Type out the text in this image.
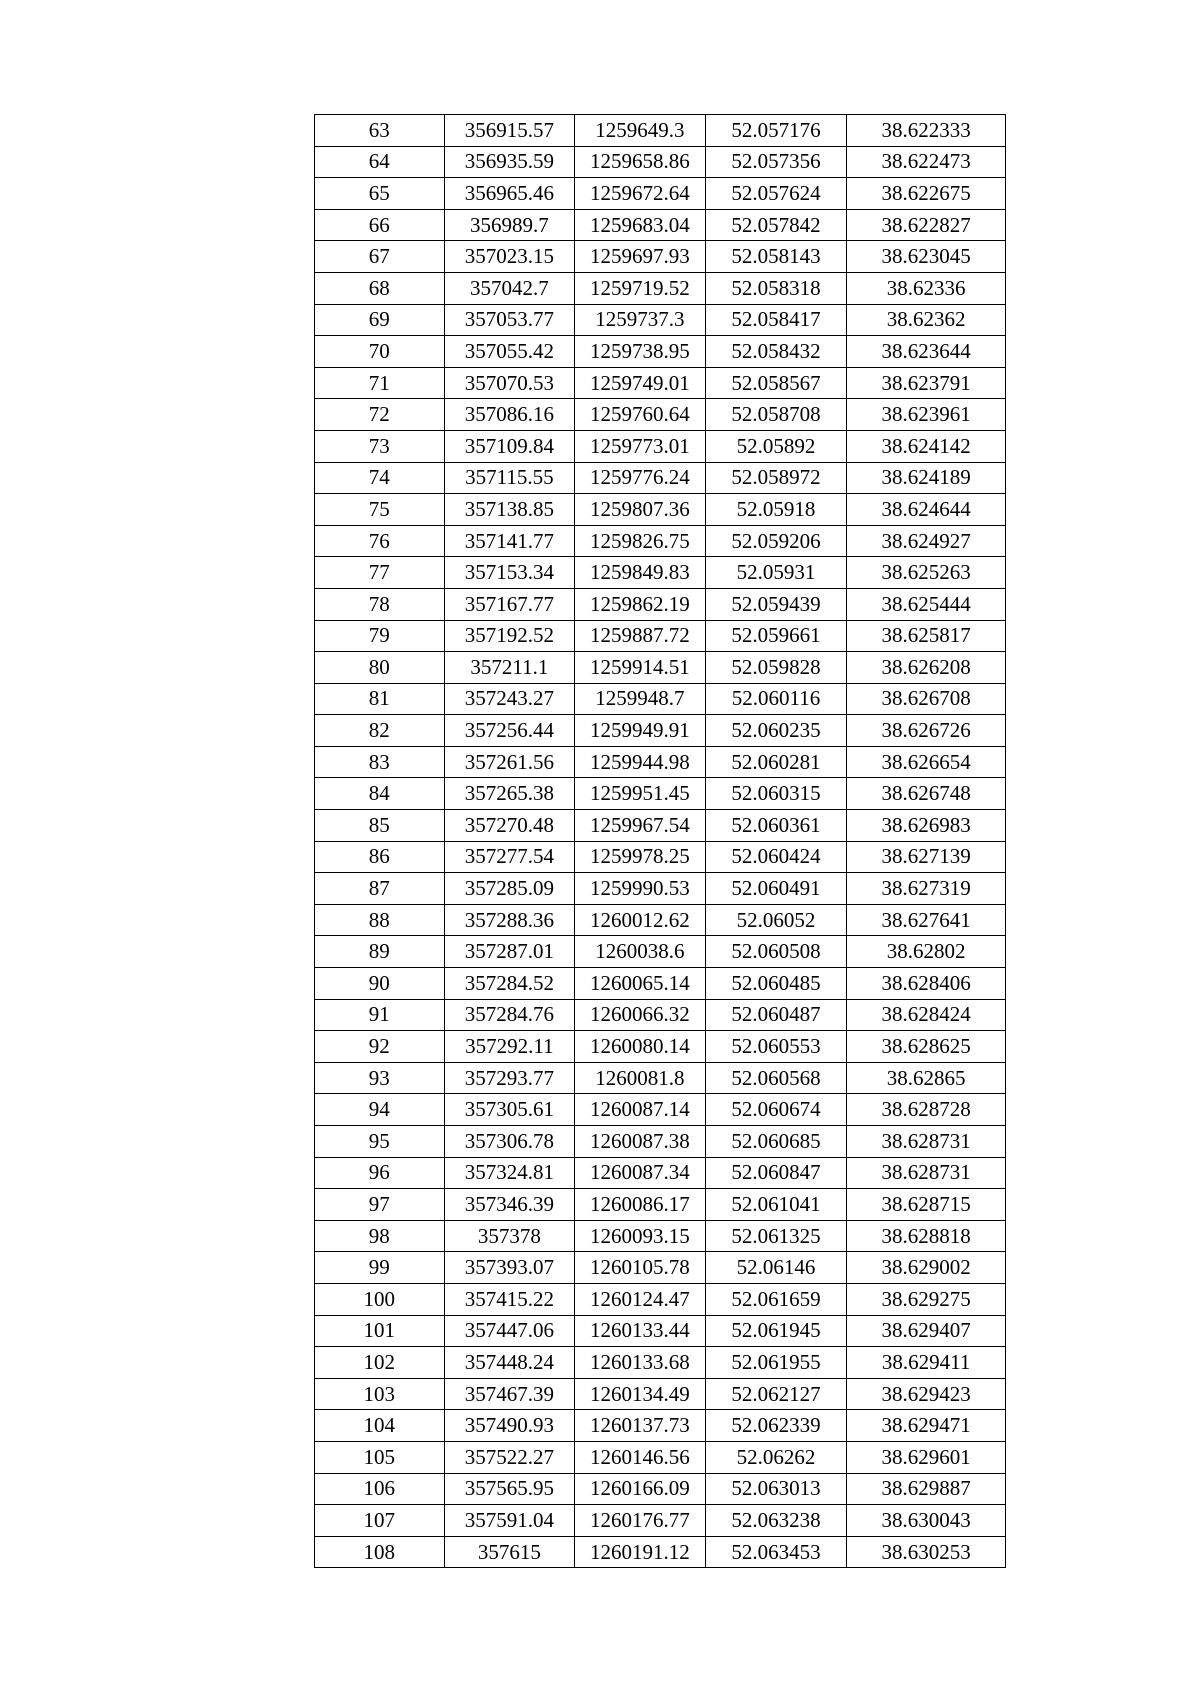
63	356915.57	1259649.3	52.057176	38.622333
64	356935.59	1259658.86	52.057356	38.622473
65	356965.46	1259672.64	52.057624	38.622675
66	356989.7	1259683.04	52.057842	38.622827
67	357023.15	1259697.93	52.058143	38.623045
68	357042.7	1259719.52	52.058318	38.62336
69	357053.77	1259737.3	52.058417	38.62362
70	357055.42	1259738.95	52.058432	38.623644
71	357070.53	1259749.01	52.058567	38.623791
72	357086.16	1259760.64	52.058708	38.623961
73	357109.84	1259773.01	52.05892	38.624142
74	357115.55	1259776.24	52.058972	38.624189
75	357138.85	1259807.36	52.05918	38.624644
76	357141.77	1259826.75	52.059206	38.624927
77	357153.34	1259849.83	52.05931	38.625263
78	357167.77	1259862.19	52.059439	38.625444
79	357192.52	1259887.72	52.059661	38.625817
80	357211.1	1259914.51	52.059828	38.626208
81	357243.27	1259948.7	52.060116	38.626708
82	357256.44	1259949.91	52.060235	38.626726
83	357261.56	1259944.98	52.060281	38.626654
84	357265.38	1259951.45	52.060315	38.626748
85	357270.48	1259967.54	52.060361	38.626983
86	357277.54	1259978.25	52.060424	38.627139
87	357285.09	1259990.53	52.060491	38.627319
88	357288.36	1260012.62	52.06052	38.627641
89	357287.01	1260038.6	52.060508	38.62802
90	357284.52	1260065.14	52.060485	38.628406
91	357284.76	1260066.32	52.060487	38.628424
92	357292.11	1260080.14	52.060553	38.628625
93	357293.77	1260081.8	52.060568	38.62865
94	357305.61	1260087.14	52.060674	38.628728
95	357306.78	1260087.38	52.060685	38.628731
96	357324.81	1260087.34	52.060847	38.628731
97	357346.39	1260086.17	52.061041	38.628715
98	357378	1260093.15	52.061325	38.628818
99	357393.07	1260105.78	52.06146	38.629002
100	357415.22	1260124.47	52.061659	38.629275
101	357447.06	1260133.44	52.061945	38.629407
102	357448.24	1260133.68	52.061955	38.629411
103	357467.39	1260134.49	52.062127	38.629423
104	357490.93	1260137.73	52.062339	38.629471
105	357522.27	1260146.56	52.06262	38.629601
106	357565.95	1260166.09	52.063013	38.629887
107	357591.04	1260176.77	52.063238	38.630043
108	357615	1260191.12	52.063453	38.630253
